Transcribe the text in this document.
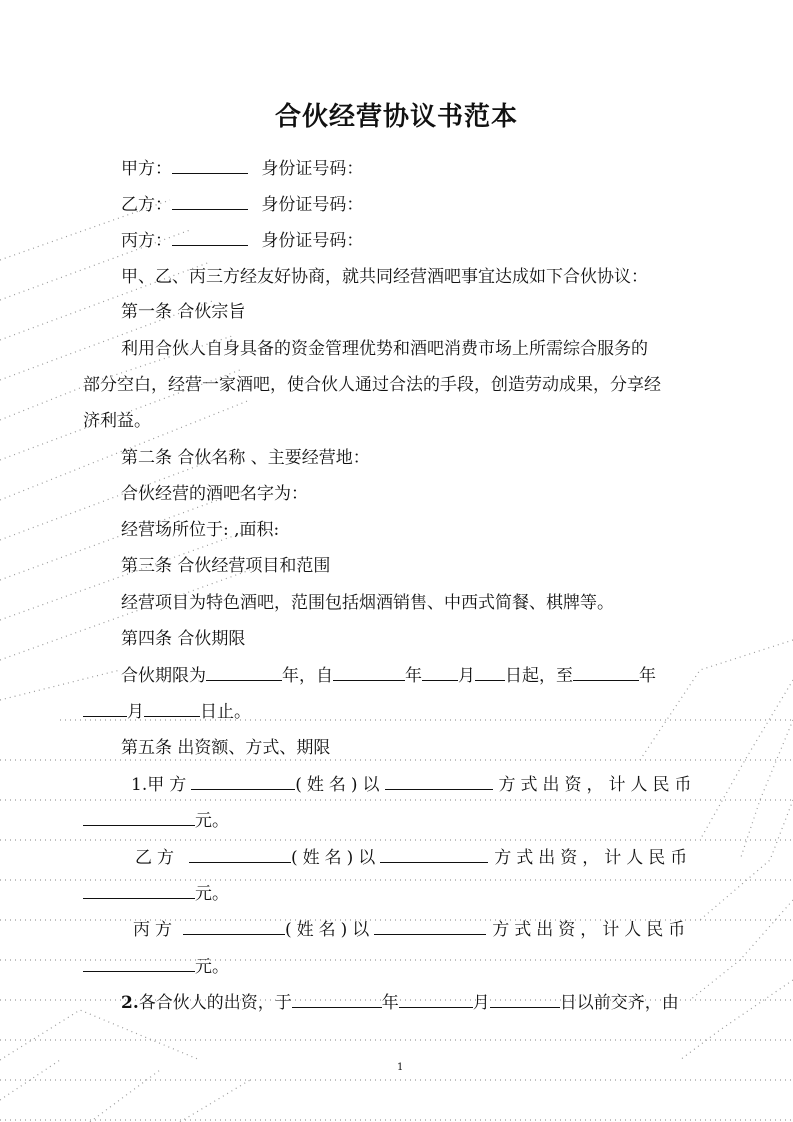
合伙经营协议书范本
甲方：	身份证号码：
乙方：	身份证号码：
丙方：	身份证号码：
甲、乙、丙三方经友好协商，就共同经营酒吧事宜达成如下合伙协议：
第一条 合伙宗旨
利用合伙人自身具备的资金管理优势和酒吧消费市场上所需综合服务的
部分空白，经营一家酒吧，使合伙人通过合法的手段，创造劳动成果，分享经
济利益。
第二条 合伙名称 、主要经营地：
合伙经营的酒吧名字为：
经营场所位于: ,面积:
第三条 合伙经营项目和范围
经营项目为特色酒吧，范围包括烟酒销售、中西式简餐、棋牌等。
第四条 合伙期限
合伙期限为	年，自	年 月 日起，至	年
月	日止。
第五条 出资额、方式、期限
1.甲方	(姓名)以	方式出资，计人民币
元。
乙方	(姓名)以	方式出资，计人民币
元。
丙方	(姓名)以	方式出资，计人民币
元。
2.各合伙人的出资，于	年	月	日以前交齐，由
1
